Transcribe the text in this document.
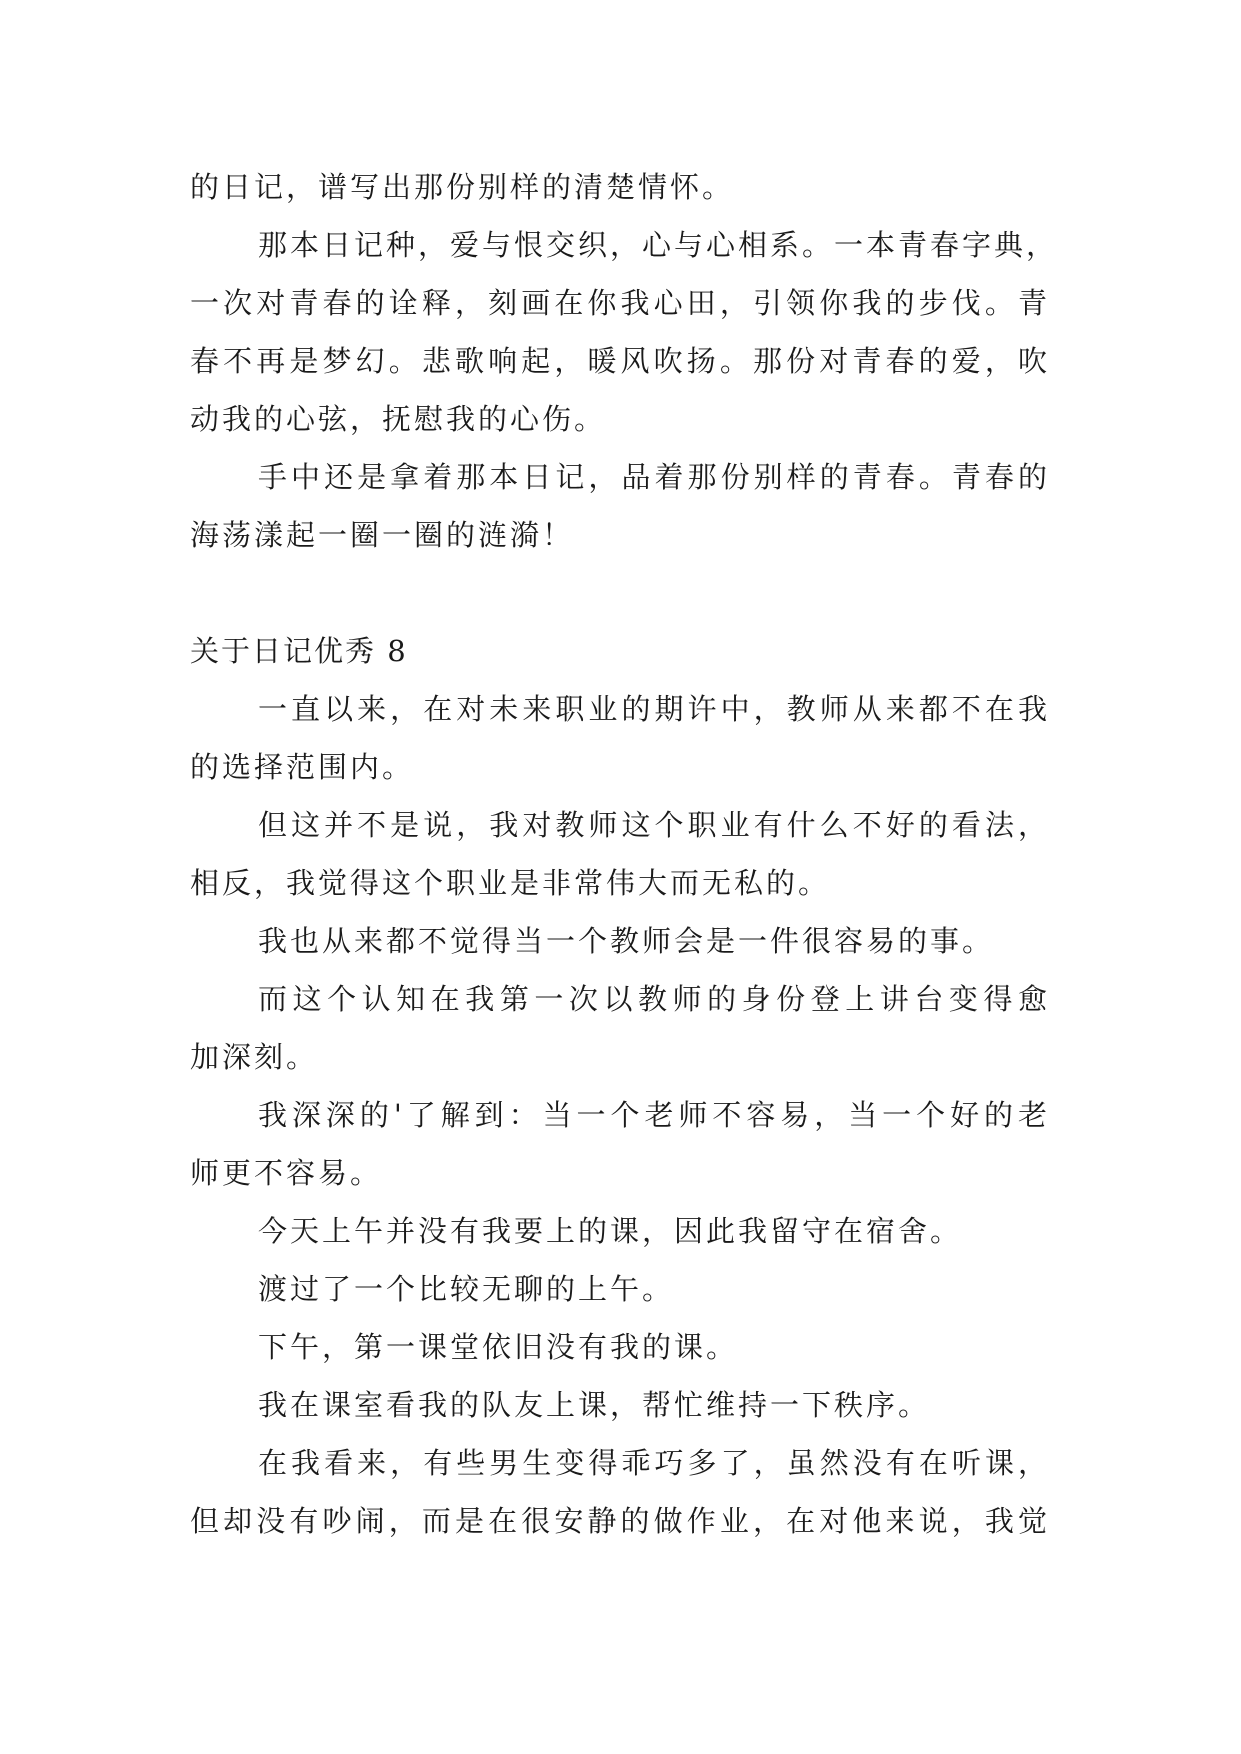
的日记，谱写出那份别样的清楚情怀。
那本日记种，爱与恨交织，心与心相系。一本青春字典，
一次对青春的诠释，刻画在你我心田，引领你我的步伐。青
春不再是梦幻。悲歌响起，暖风吹扬。那份对青春的爱，吹
动我的心弦，抚慰我的心伤。
手中还是拿着那本日记，品着那份别样的青春。青春的
海荡漾起一圈一圈的涟漪！
关于日记优秀 8
一直以来，在对未来职业的期许中，教师从来都不在我
的选择范围内。
但这并不是说，我对教师这个职业有什么不好的看法，
相反，我觉得这个职业是非常伟大而无私的。
我也从来都不觉得当一个教师会是一件很容易的事。
而这个认知在我第一次以教师的身份登上讲台变得愈
加深刻。
我深深的'了解到：当一个老师不容易，当一个好的老
师更不容易。
今天上午并没有我要上的课，因此我留守在宿舍。
渡过了一个比较无聊的上午。
下午，第一课堂依旧没有我的课。
我在课室看我的队友上课，帮忙维持一下秩序。
在我看来，有些男生变得乖巧多了，虽然没有在听课，
但却没有吵闹，而是在很安静的做作业，在对他来说，我觉
